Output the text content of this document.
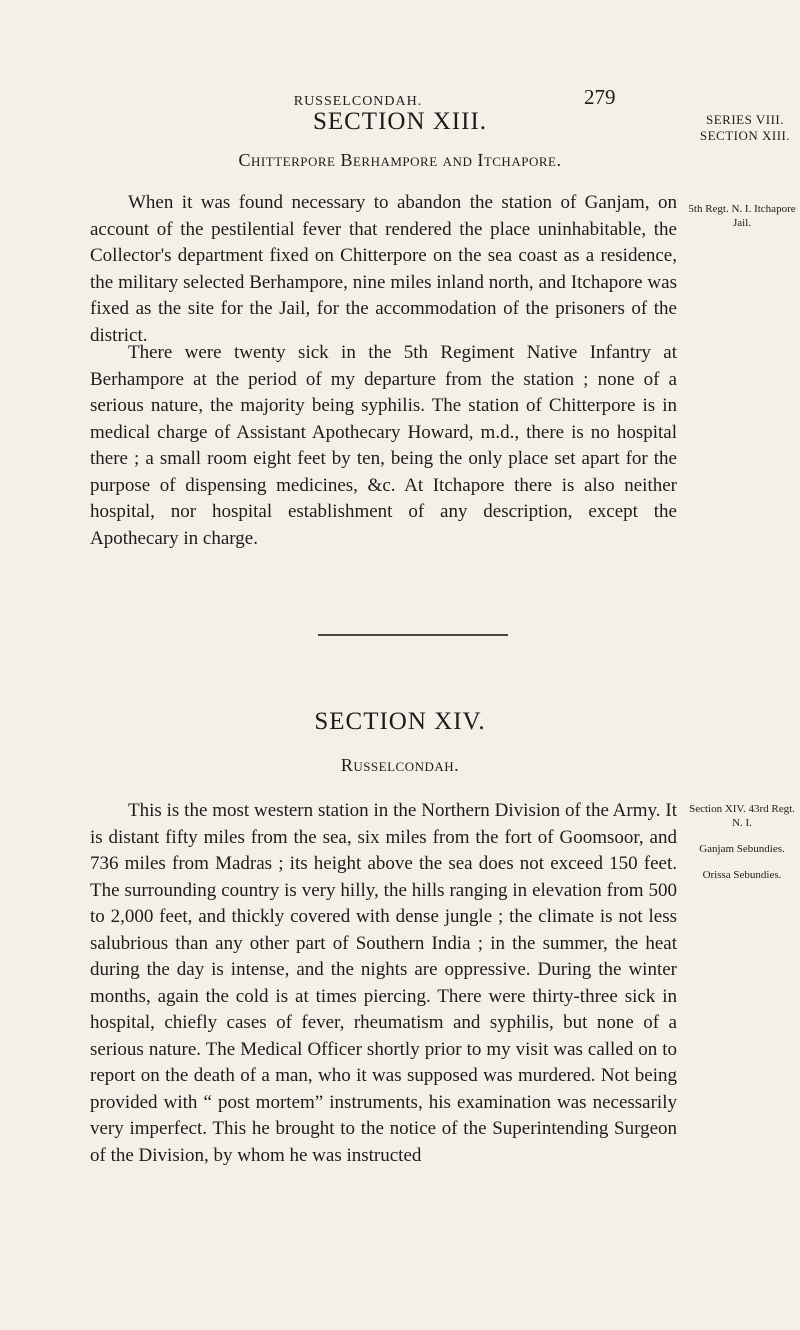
RUSSELCONDAH.	279
SERIES VIII.
SECTION XIII.
SECTION XIII.
Chitterpore Berhampore and Itchapore.
5th Regt. N. I. Itchapore Jail.

When it was found necessary to abandon the station of Ganjam, on account of the pestilential fever that rendered the place uninhabitable, the Collector's department fixed on Chitterpore on the sea coast as a residence, the military selected Berhampore, nine miles inland north, and Itchapore was fixed as the site for the Jail, for the accommodation of the prisoners of the district.

There were twenty sick in the 5th Regiment Native Infantry at Berhampore at the period of my departure from the station ; none of a serious nature, the majority being syphilis. The station of Chitterpore is in medical charge of Assistant Apothecary Howard, m.d., there is no hospital there ; a small room eight feet by ten, being the only place set apart for the purpose of dispensing medicines, &c. At Itchapore there is also neither hospital, nor hospital establishment of any description, except the Apothecary in charge.

SECTION XIV.
Russelcondah.
Section XIV. 43rd Regt. N. I.
Ganjam Sebundies.
Orissa Sebundies.

This is the most western station in the Northern Division of the Army. It is distant fifty miles from the sea, six miles from the fort of Goomsoor, and 736 miles from Madras ; its height above the sea does not exceed 150 feet. The surrounding country is very hilly, the hills ranging in elevation from 500 to 2,000 feet, and thickly covered with dense jungle ; the climate is not less salubrious than any other part of Southern India ; in the summer, the heat during the day is intense, and the nights are oppressive. During the winter months, again the cold is at times piercing. There were thirty-three sick in hospital, chiefly cases of fever, rheumatism and syphilis, but none of a serious nature. The Medical Officer shortly prior to my visit was called on to report on the death of a man, who it was supposed was murdered. Not being provided with “ post mortem” instruments, his examination was necessarily very imperfect. This he brought to the notice of the Superintending Surgeon of the Division, by whom he was instructed
